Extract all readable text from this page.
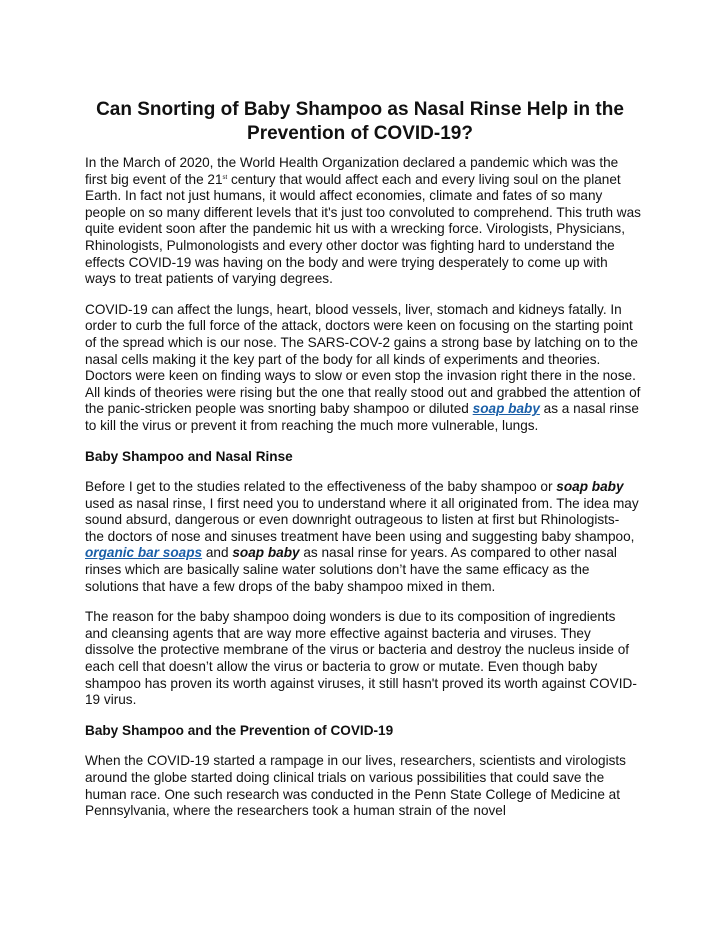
Can Snorting of Baby Shampoo as Nasal Rinse Help in the Prevention of COVID-19?

In the March of 2020, the World Health Organization declared a pandemic which was the first big event of the 21st century that would affect each and every living soul on the planet Earth. In fact not just humans, it would affect economies, climate and fates of so many people on so many different levels that it's just too convoluted to comprehend. This truth was quite evident soon after the pandemic hit us with a wrecking force. Virologists, Physicians, Rhinologists, Pulmonologists and every other doctor was fighting hard to understand the effects COVID-19 was having on the body and were trying desperately to come up with ways to treat patients of varying degrees.

COVID-19 can affect the lungs, heart, blood vessels, liver, stomach and kidneys fatally. In order to curb the full force of the attack, doctors were keen on focusing on the starting point of the spread which is our nose. The SARS-COV-2 gains a strong base by latching on to the nasal cells making it the key part of the body for all kinds of experiments and theories. Doctors were keen on finding ways to slow or even stop the invasion right there in the nose. All kinds of theories were rising but the one that really stood out and grabbed the attention of the panic-stricken people was snorting baby shampoo or diluted soap baby as a nasal rinse to kill the virus or prevent it from reaching the much more vulnerable, lungs.

Baby Shampoo and Nasal Rinse

Before I get to the studies related to the effectiveness of the baby shampoo or soap baby used as nasal rinse, I first need you to understand where it all originated from. The idea may sound absurd, dangerous or even downright outrageous to listen at first but Rhinologists- the doctors of nose and sinuses treatment have been using and suggesting baby shampoo, organic bar soaps and soap baby as nasal rinse for years. As compared to other nasal rinses which are basically saline water solutions don’t have the same efficacy as the solutions that have a few drops of the baby shampoo mixed in them.

The reason for the baby shampoo doing wonders is due to its composition of ingredients and cleansing agents that are way more effective against bacteria and viruses. They dissolve the protective membrane of the virus or bacteria and destroy the nucleus inside of each cell that doesn’t allow the virus or bacteria to grow or mutate. Even though baby shampoo has proven its worth against viruses, it still hasn't proved its worth against COVID-19 virus.

Baby Shampoo and the Prevention of COVID-19

When the COVID-19 started a rampage in our lives, researchers, scientists and virologists around the globe started doing clinical trials on various possibilities that could save the human race. One such research was conducted in the Penn State College of Medicine at Pennsylvania, where the researchers took a human strain of the novel
